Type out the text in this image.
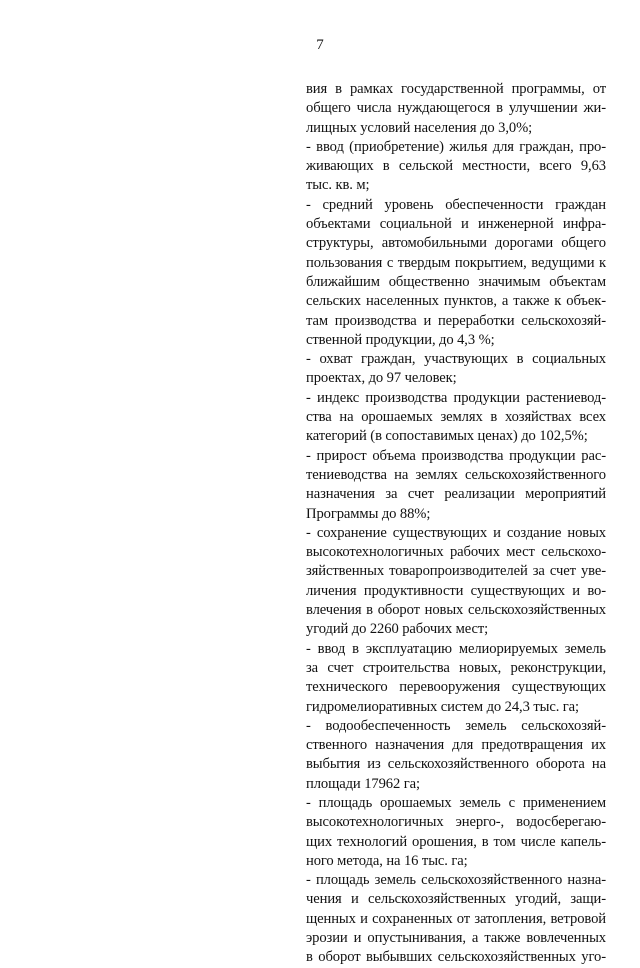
7
вия в рамках государственной программы, от
общего числа нуждающегося в улучшении жи-
лищных условий населения до 3,0%;
- ввод (приобретение) жилья для граждан, про-
живающих в сельской местности, всего 9,63
тыс. кв. м;
- средний уровень обеспеченности граждан
объектами социальной и инженерной инфра-
структуры, автомобильными дорогами общего
пользования с твердым покрытием, ведущими к
ближайшим общественно значимым объектам
сельских населенных пунктов, а также к объек-
там производства и переработки сельскохозяй-
ственной продукции, до 4,3 %;
- охват граждан, участвующих в социальных
проектах, до 97 человек;
- индекс производства продукции растениевод-
ства на орошаемых землях в хозяйствах всех
категорий (в сопоставимых ценах) до 102,5%;
- прирост объема производства продукции рас-
тениеводства на землях сельскохозяйственного
назначения за счет реализации мероприятий
Программы до 88%;
- сохранение существующих и создание новых
высокотехнологичных рабочих мест сельскохо-
зяйственных товаропроизводителей за счет уве-
личения продуктивности существующих и во-
влечения в оборот новых сельскохозяйственных
угодий до 2260 рабочих мест;
- ввод в эксплуатацию мелиорируемых земель
за счет строительства новых, реконструкции,
технического перевооружения существующих
гидромелиоративных систем до 24,3 тыс. га;
- водообеспеченность земель сельскохозяй-
ственного назначения для предотвращения их
выбытия из сельскохозяйственного оборота на
площади 17962 га;
- площадь орошаемых земель с применением
высокотехнологичных энерго-, водосберегаю-
щих технологий орошения, в том числе капель-
ного метода, на 16 тыс. га;
- площадь земель сельскохозяйственного назна-
чения и сельскохозяйственных угодий, защи-
щенных и сохраненных от затопления, ветровой
эрозии и опустынивания, а также вовлеченных
в оборот выбывших сельскохозяйственных уго-
